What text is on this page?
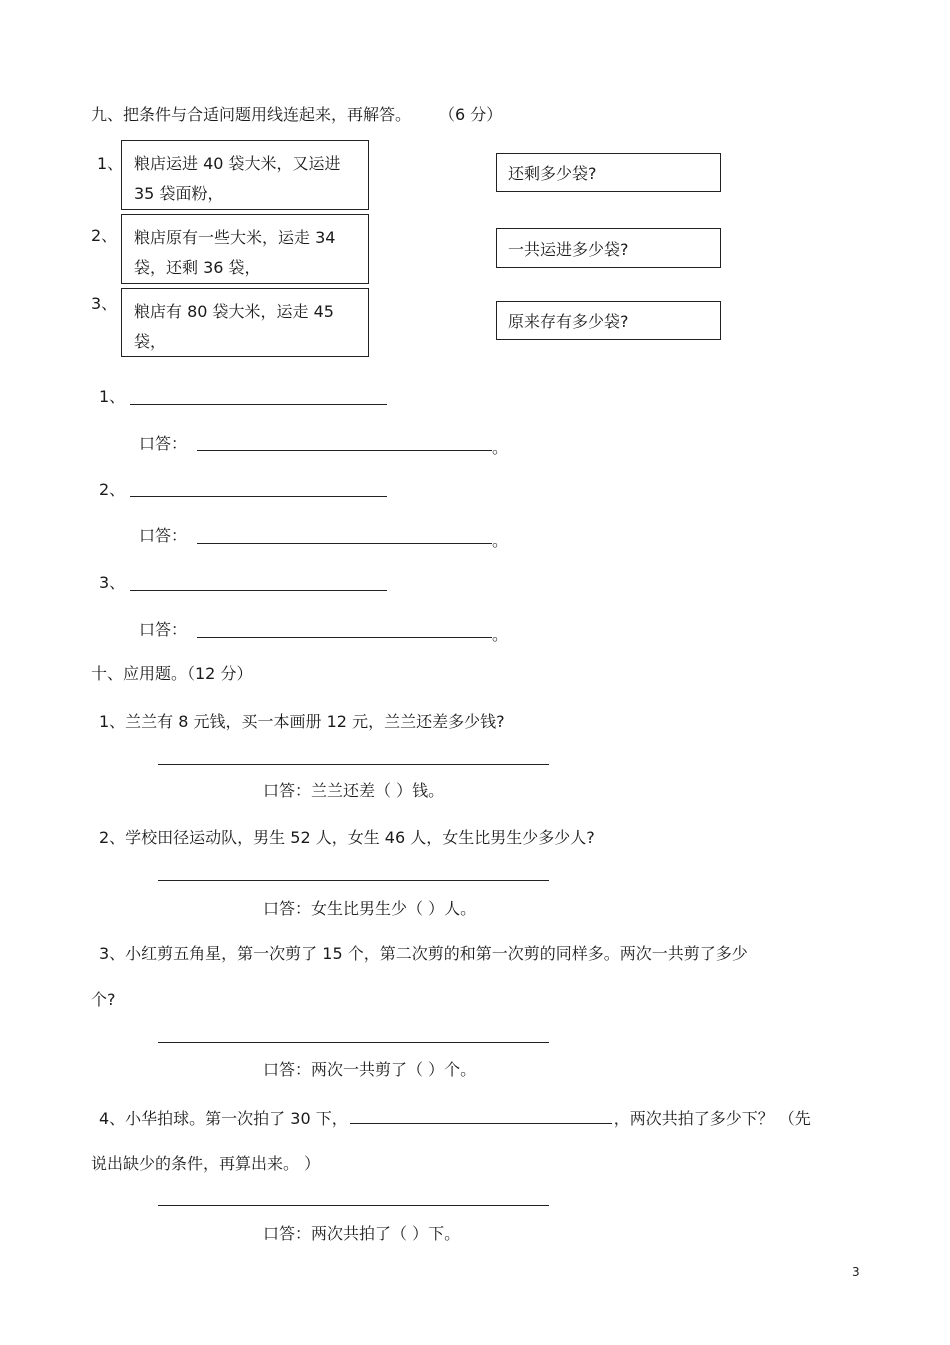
九、把条件与合适问题用线连起来，再解答。 （6 分）
1、 粮店运进 40 袋大米，又运进 35 袋面粉，
2、 粮店原有一些大米，运走 34 袋，还剩 36 袋，
3、 粮店有 80 袋大米，运走 45 袋，
还剩多少袋?
一共运进多少袋?
原来存有多少袋?
1、
口答：	。
2、
口答：	。
3、
口答：	。
十、应用题。（12 分）
1、兰兰有 8 元钱，买一本画册 12 元，兰兰还差多少钱?
口答：兰兰还差（ ）钱。
2、学校田径运动队，男生 52 人，女生 46 人，女生比男生少多少人?
口答：女生比男生少（ ）人。
3、小红剪五角星，第一次剪了 15 个，第二次剪的和第一次剪的同样多。两次一共剪了多少
个?
口答：两次一共剪了（ ）个。
4、小华拍球。第一次拍了 30 下，	，两次共拍了多少下？ （先
说出缺少的条件，再算出来。 ）
口答：两次共拍了（ ）下。
3
